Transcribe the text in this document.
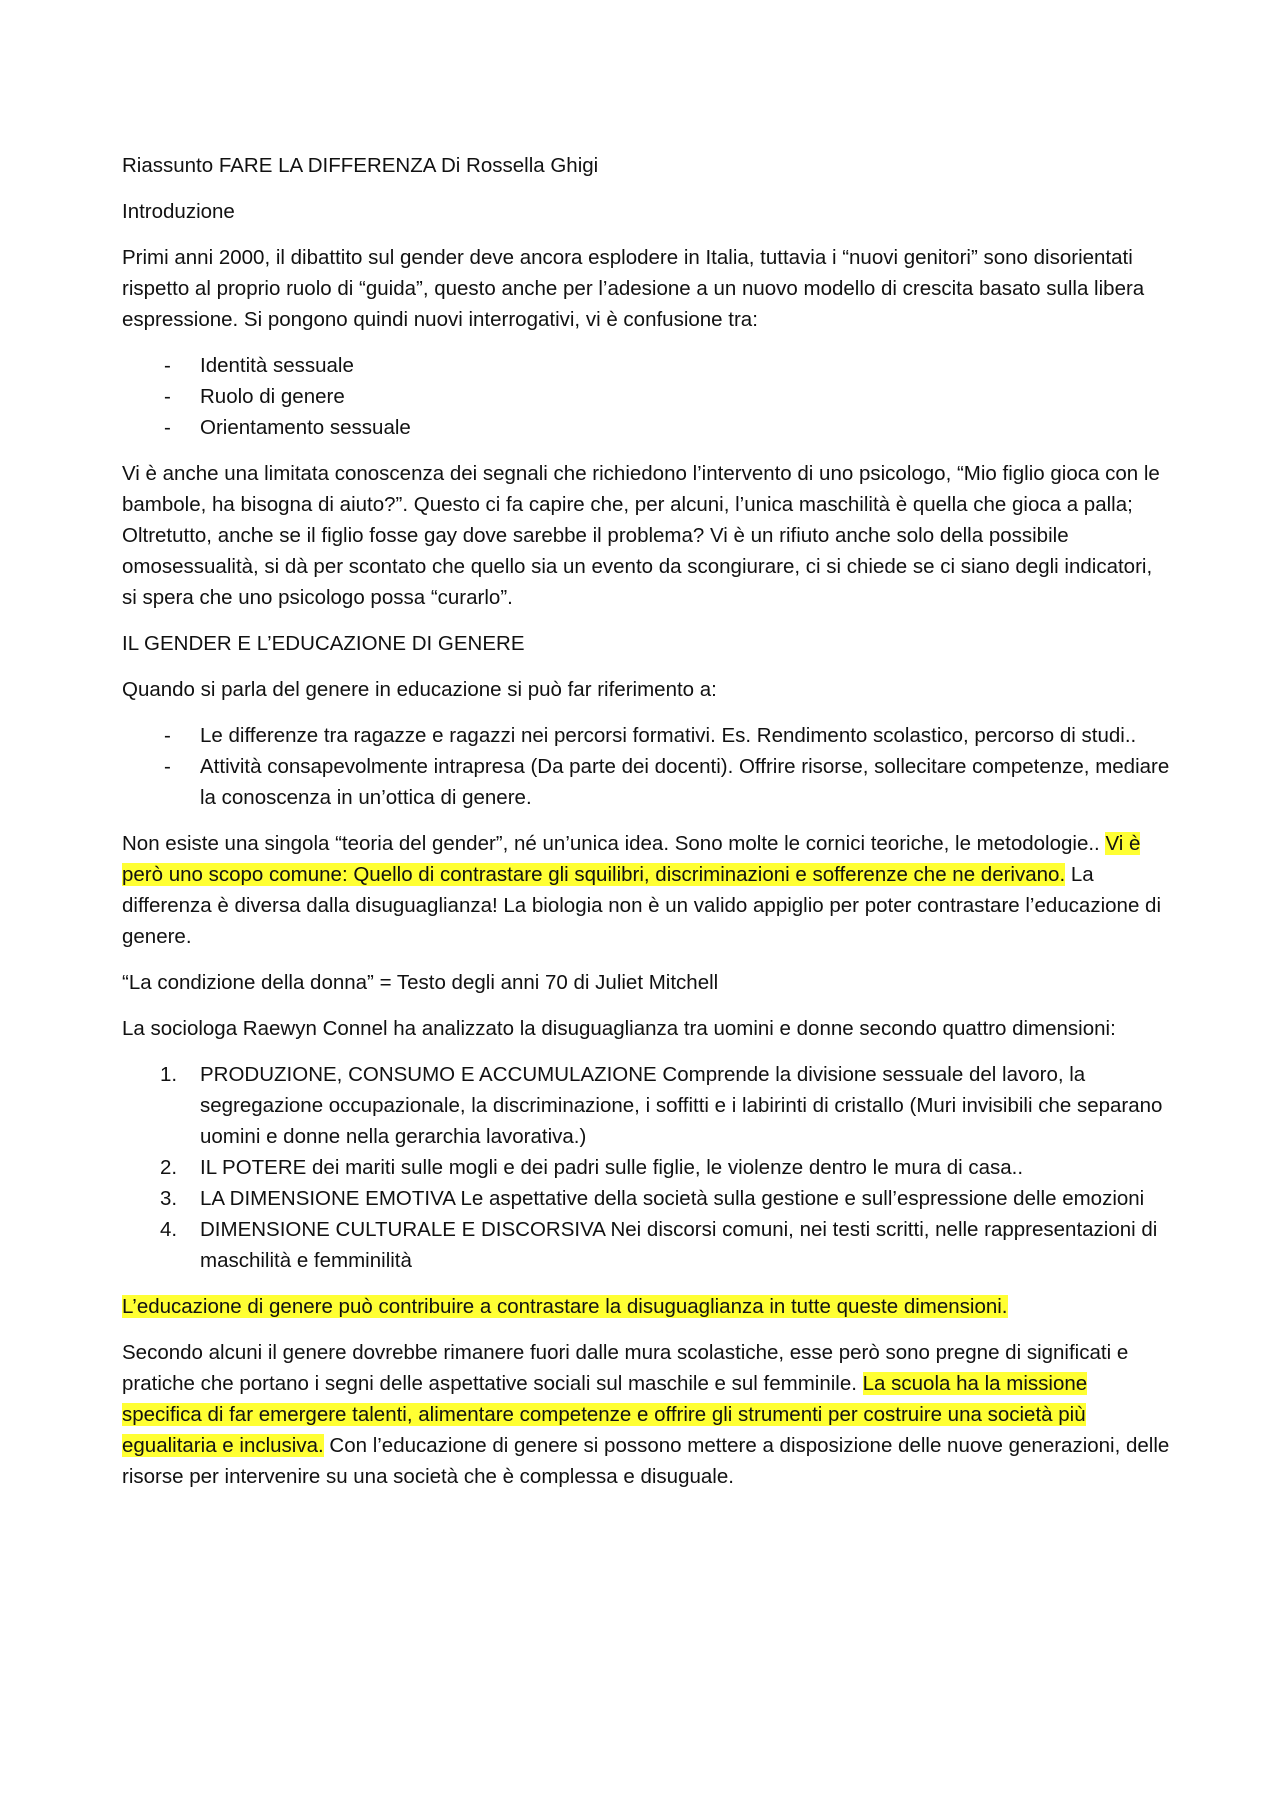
Riassunto FARE LA DIFFERENZA Di Rossella Ghigi

Introduzione

Primi anni 2000, il dibattito sul gender deve ancora esplodere in Italia, tuttavia i “nuovi genitori” sono disorientati rispetto al proprio ruolo di “guida”, questo anche per l’adesione a un nuovo modello di crescita basato sulla libera espressione. Si pongono quindi nuovi interrogativi, vi è confusione tra:

- Identità sessuale
- Ruolo di genere
- Orientamento sessuale

Vi è anche una limitata conoscenza dei segnali che richiedono l’intervento di uno psicologo, “Mio figlio gioca con le bambole, ha bisogna di aiuto?”. Questo ci fa capire che, per alcuni, l’unica maschilità è quella che gioca a palla; Oltretutto, anche se il figlio fosse gay dove sarebbe il problema? Vi è un rifiuto anche solo della possibile omosessualità, si dà per scontato che quello sia un evento da scongiurare, ci si chiede se ci siano degli indicatori, si spera che uno psicologo possa “curarlo”.

IL GENDER E L’EDUCAZIONE DI GENERE

Quando si parla del genere in educazione si può far riferimento a:

- Le differenze tra ragazze e ragazzi nei percorsi formativi. Es. Rendimento scolastico, percorso di studi..
- Attività consapevolmente intrapresa (Da parte dei docenti). Offrire risorse, sollecitare competenze, mediare la conoscenza in un’ottica di genere.

Non esiste una singola “teoria del gender”, né un’unica idea. Sono molte le cornici teoriche, le metodologie.. Vi è però uno scopo comune: Quello di contrastare gli squilibri, discriminazioni e sofferenze che ne derivano. La differenza è diversa dalla disuguaglianza! La biologia non è un valido appiglio per poter contrastare l’educazione di genere.

“La condizione della donna” = Testo degli anni 70 di Juliet Mitchell

La sociologa Raewyn Connel ha analizzato la disuguaglianza tra uomini e donne secondo quattro dimensioni:

1. PRODUZIONE, CONSUMO E ACCUMULAZIONE Comprende la divisione sessuale del lavoro, la segregazione occupazionale, la discriminazione, i soffitti e i labirinti di cristallo (Muri invisibili che separano uomini e donne nella gerarchia lavorativa.)
2. IL POTERE dei mariti sulle mogli e dei padri sulle figlie, le violenze dentro le mura di casa..
3. LA DIMENSIONE EMOTIVA Le aspettative della società sulla gestione e sull’espressione delle emozioni
4. DIMENSIONE CULTURALE E DISCORSIVA Nei discorsi comuni, nei testi scritti, nelle rappresentazioni di maschilità e femminilità

L’educazione di genere può contribuire a contrastare la disuguaglianza in tutte queste dimensioni.

Secondo alcuni il genere dovrebbe rimanere fuori dalle mura scolastiche, esse però sono pregne di significati e pratiche che portano i segni delle aspettative sociali sul maschile e sul femminile. La scuola ha la missione specifica di far emergere talenti, alimentare competenze e offrire gli strumenti per costruire una società più egualitaria e inclusiva. Con l’educazione di genere si possono mettere a disposizione delle nuove generazioni, delle risorse per intervenire su una società che è complessa e disuguale.
